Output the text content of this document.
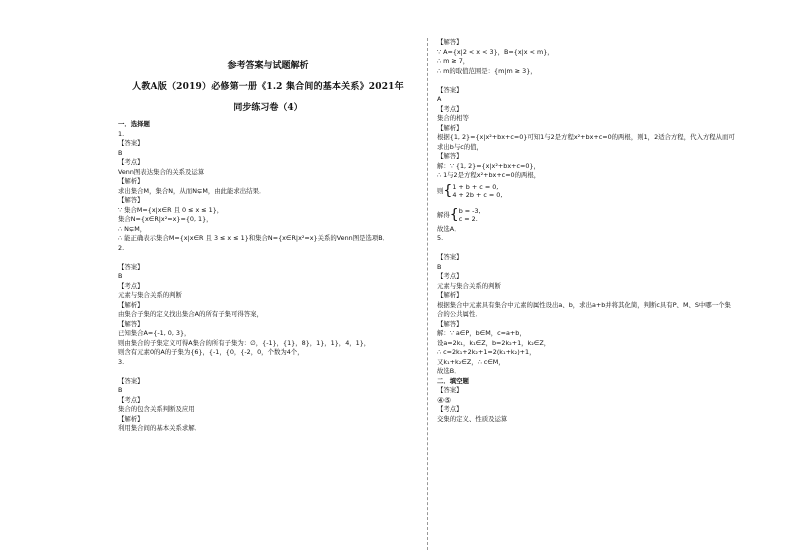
参考答案与试题解析
人教A版（2019）必修第一册《1.2 集合间的基本关系》2021年
同步练习卷（4）
一．选择题
1.
【答案】
B
【考点】
Venn图表达集合的关系及运算
【解析】
求出集合M，集合N，从而N⊊M，由此能求出结果．
【解答】
∵ 集合M={x|x∈R 且 0 ≤ x ≤ 1}，
集合N={x∈R|x²=x}={0, 1}，
∴ N⊊M，
∴ 能正确表示集合M={x|x∈R 且 3 ≤ x ≤ 1}和集合N={x∈R|x²=x}关系的Venn图是选项B．
2.
【答案】
B
【考点】
元素与集合关系的判断
【解析】
由集合子集的定义找出集合A的所有子集可得答案，
【解答】
已知集合A={-1, 0, 3}，
则由集合的子集定义可得A集合的所有子集为：∅，{-1}，{1}，8}，1}，1}，4，1}，
则含有元素0的A的子集为{6}，{-1，{0，{-2，0，个数为4个，
3.
【答案】
B
【考点】
集合的包含关系判断及应用
【解析】
利用集合间的基本关系求解．
【解答】
∵ A={x|2 < x < 3}，B={x|x < m}，
∴ m ≥ 7，
∴ m的取值范围是：{m|m ≥ 3}，
【答案】
A
【考点】
集合的相等
【解析】
根据{1, 2}={x|x²+bx+c=0}可知1与2是方程x²+bx+c=0的两根，则1，2适合方程，代入方程从而可求出b与c的值，
【解答】
解：∵ {1, 2}={x|x²+bx+c=0}，
∴ 1与2是方程x²+bx+c=0的两根，
则{1 + b + c = 0,
4 + 2b + c = 0,
解得{b = -3,
c = 2.
故选A．
5.
【答案】
B
【考点】
元素与集合关系的判断
【解析】
根据集合中元素具有集合中元素的属性设出a、b，求出a+b并将其化简，判断c具有P、M、S中哪一个集合的公共属性．
【解答】
解：∵ a∈P，b∈M，c=a+b，
设a=2k₁，k₁∈Z，b=2k₂+1，k₂∈Z，
∴ c=2k₁+2k₂+1=2(k₁+k₂)+1，
又k₁+k₂∈Z，∴ c∈M，
故选B．
二．填空题
【答案】
④⑤
【考点】
交集的定义、性质及运算
